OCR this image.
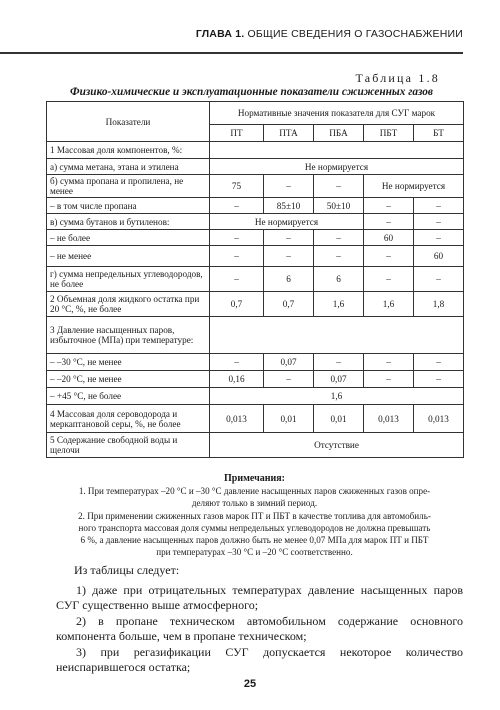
ГЛАВА 1. ОБЩИЕ СВЕДЕНИЯ О ГАЗОСНАБЖЕНИИ
Таблица 1.8
Физико-химические и эксплуатационные показатели сжиженных газов
Показатели	Нормативные значения показателя для СУГ марок				
	ПТ	ПТА	ПБА	ПБТ	БТ
1 Массовая доля компонентов, %:					
а) сумма метана, этана и этилена	Не нормируется				
б) сумма пропана и пропилена, не менее	75	–	–	Не нормируется	
– в том числе пропана	–	85±10	50±10	–	–
в) сумма бутанов и бутиленов:	Не нормируется			–	–
– не более	–	–	–	60	–
– не менее	–	–	–	–	60
г) сумма непредельных углеводородов, не более	–	6	6	–	–
2 Объемная доля жидкого остатка при 20 °С, %, не более	0,7	0,7	1,6	1,6	1,8
3 Давление насыщенных паров, избыточное (МПа) при температуре:					
– –30 °С, не менее	–	0,07	–	–	–
– –20 °С, не менее	0,16	–	0,07	–	–
– +45 °С, не более	1,6				
4 Массовая доля сероводорода и меркаптановой серы, %, не более	0,013	0,01	0,01	0,013	0,013
5 Содержание свободной воды и щелочи	Отсутствие				
Примечания:
1. При температурах –20 °С и –30 °С давление насыщенных паров сжиженных газов опре-
деляют только в зимний период.
2. При применении сжиженных газов марок ПТ и ПБТ в качестве топлива для автомобиль-
ного транспорта массовая доля суммы непредельных углеводородов не должна превышать
6 %, а давление насыщенных паров должно быть не менее 0,07 МПа для марок ПТ и ПБТ
при температурах –30 °С и –20 °С соответственно.
Из таблицы следует:
1) даже при отрицательных температурах давление насыщенных паров СУГ существенно выше атмосферного;
2) в пропане техническом автомобильном содержание основного компонента больше, чем в пропане техническом;
3) при регазификации СУГ допускается некоторое количество неиспарившегося остатка;
25
